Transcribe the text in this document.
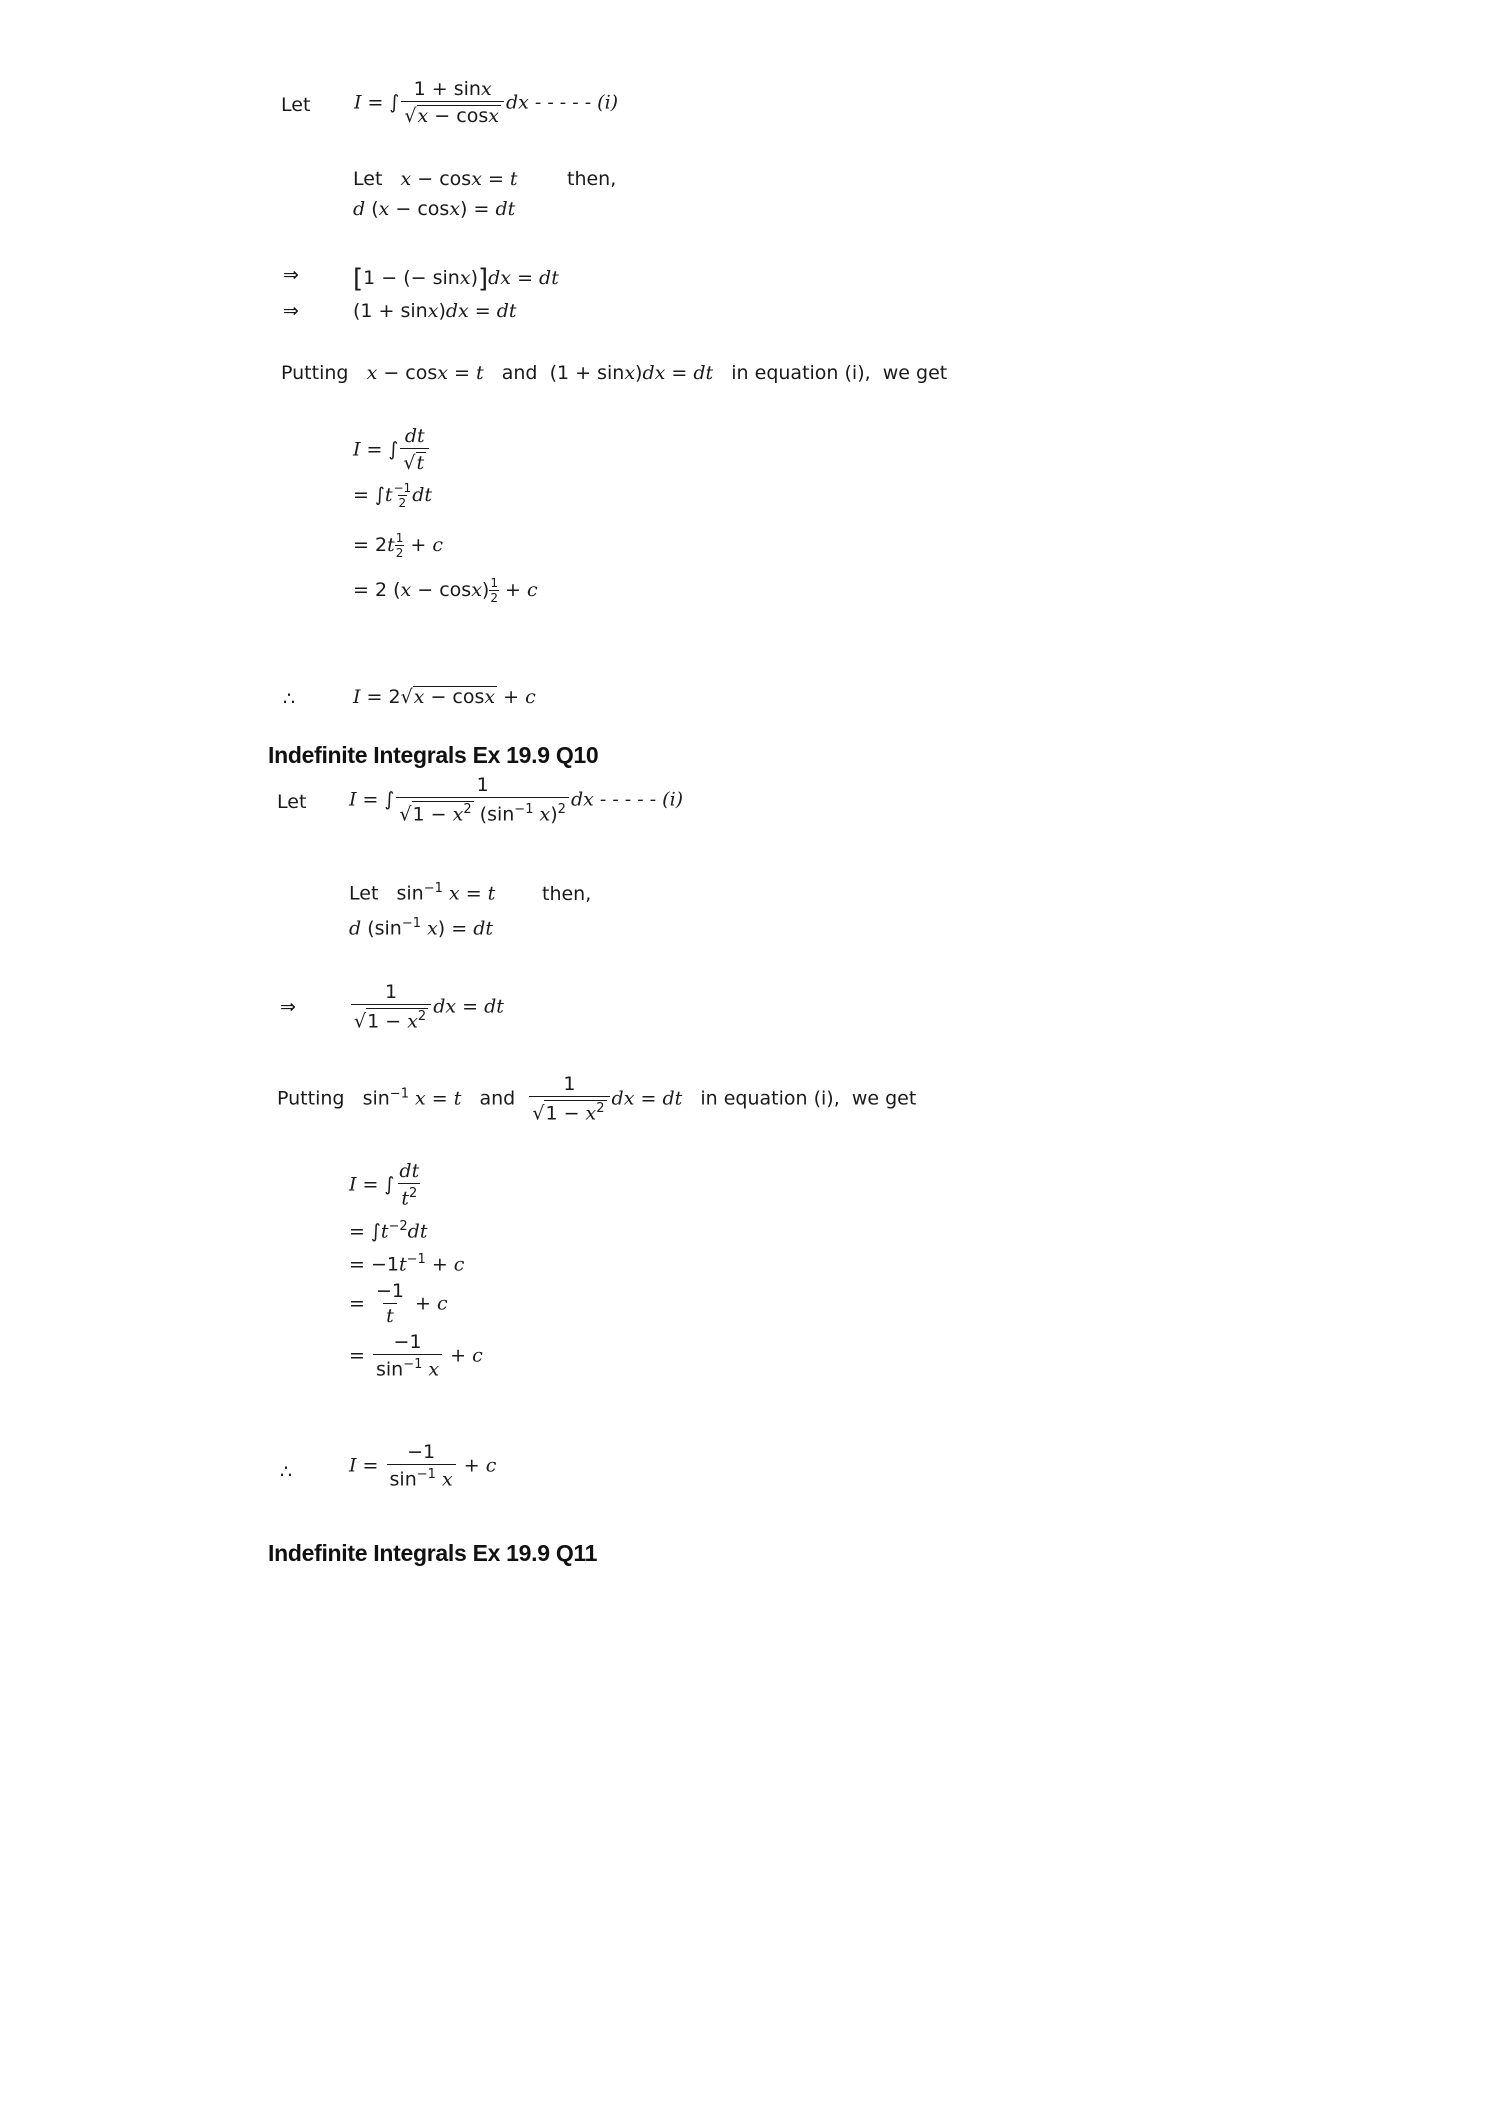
Let I = ∫ $\frac{1 + \sin x}{√x - \cos x}$ dx - - - - - (i)
Let x − cosx = t	then,
d (x − cosx) = dt
⇒ [1 − (− sinx)]dx = dt
⇒	(1 + sinx)dx = dt
Putting x − cosx = t and  (1 + sinx)dx = dt in equation (i),  we get
I = ∫ $\frac{dt}{√t}$
= $\int t \frac{-1}{2}$ dt
= $2t \frac{1}{2} + c$
= 2 $(x - \cos x) \frac{1}{2} + c$
∴	I = 2√x − cosx + c
Indefinite Integrals Ex 19.9 Q10
Let I = ∫ $\frac{1}{√1 - x^2 (\sin^{-1} x)^2}$ dx - - - - - (i)
Let   $\sin^{-1} x = t$ then,
d ($\sin^{-1}$ x) = dt
⇒	$\frac{1}{√1 - x^2}$ dx = dt
Putting   $\sin^{-1} x = t$ and $\frac{1}{√1 - x^2}$ dx = dt in equation (i),  we get
I = ∫ $\frac{dt}{t^2}$
= $\int t^{-2}dt$
= $-1t^{-1} + c$
= $\frac{-1}{t} + c$
= $\frac{-1}{\sin^{-1} x} + c$
∴	$I = \frac{-1}{\sin^{-1} x} + c$
Indefinite Integrals Ex 19.9 Q11
